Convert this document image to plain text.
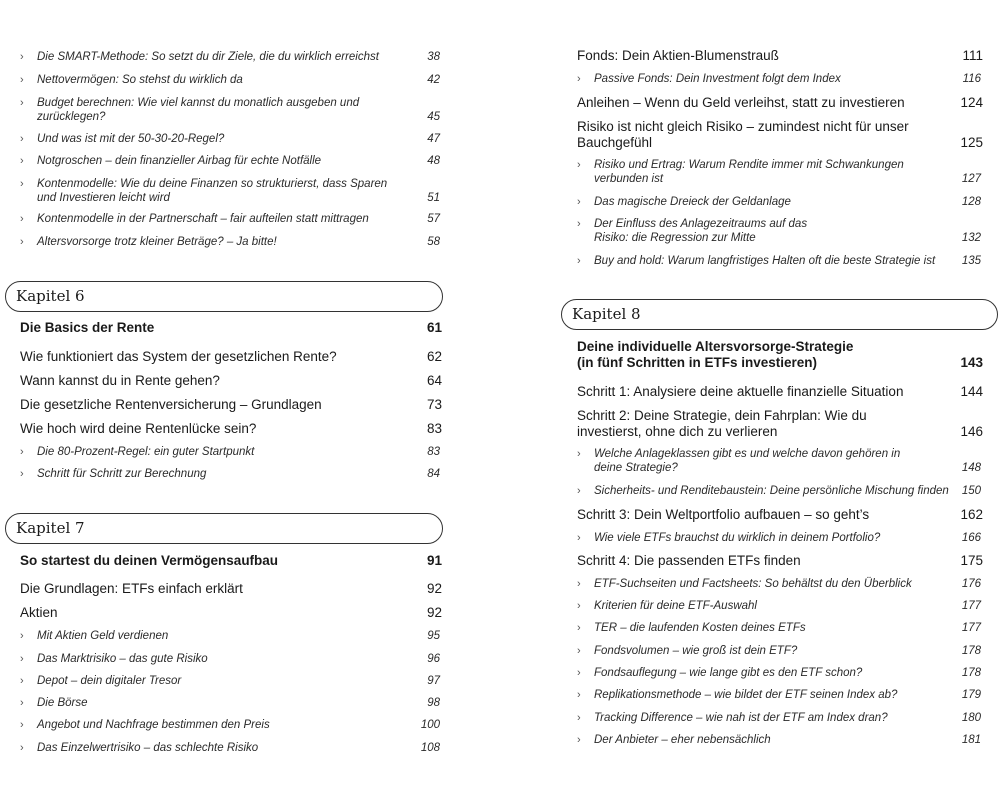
› Die SMART-Methode: So setzt du dir Ziele, die du wirklich erreichst	38
› Nettovermögen: So stehst du wirklich da	42
› Budget berechnen: Wie viel kannst du monatlich ausgeben und zurücklegen?	45
› Und was ist mit der 50-30-20-Regel?	47
› Notgroschen – dein finanzieller Airbag für echte Notfälle	48
› Kontenmodelle: Wie du deine Finanzen so strukturierst, dass Sparen und Investieren leicht wird	51
› Kontenmodelle in der Partnerschaft – fair aufteilen statt mittragen	57
› Altersvorsorge trotz kleiner Beträge? – Ja bitte!	58
Die Basics der Rente	61
Wie funktioniert das System der gesetzlichen Rente?	62
Wann kannst du in Rente gehen?	64
Die gesetzliche Rentenversicherung – Grundlagen	73
Wie hoch wird deine Rentenlücke sein?	83
› Die 80-Prozent-Regel: ein guter Startpunkt	83
› Schritt für Schritt zur Berechnung	84
So startest du deinen Vermögensaufbau	91
Die Grundlagen: ETFs einfach erklärt	92
Aktien	92
› Mit Aktien Geld verdienen	95
› Das Marktrisiko – das gute Risiko	96
› Depot – dein digitaler Tresor	97
› Die Börse	98
› Angebot und Nachfrage bestimmen den Preis	100
› Das Einzelwertrisiko – das schlechte Risiko	108
Kapitel 6
Kapitel 7
Fonds: Dein Aktien-Blumenstrauß	111
› Passive Fonds: Dein Investment folgt dem Index	116
Anleihen – Wenn du Geld verleihst, statt zu investieren	124
Risiko ist nicht gleich Risiko – zumindest nicht für unser Bauchgefühl	125
› Risiko und Ertrag: Warum Rendite immer mit Schwankungen verbunden ist	127
› Das magische Dreieck der Geldanlage	128
› Der Einfluss des Anlagezeitraums auf das Risiko: die Regression zur Mitte	132
› Buy and hold: Warum langfristiges Halten oft die beste Strategie ist	135
Deine individuelle Altersvorsorge-Strategie (in fünf Schritten in ETFs investieren)	143
Schritt 1: Analysiere deine aktuelle finanzielle Situation	144
Schritt 2: Deine Strategie, dein Fahrplan: Wie du investierst, ohne dich zu verlieren	146
› Welche Anlageklassen gibt es und welche davon gehören in deine Strategie?	148
› Sicherheits- und Renditebaustein: Deine persönliche Mischung finden	150
Schritt 3: Dein Weltportfolio aufbauen – so geht’s	162
› Wie viele ETFs brauchst du wirklich in deinem Portfolio?	166
Schritt 4: Die passenden ETFs finden	175
› ETF-Suchseiten und Factsheets: So behältst du den Überblick	176
› Kriterien für deine ETF-Auswahl	177
› TER – die laufenden Kosten deines ETFs	177
› Fondsvolumen – wie groß ist dein ETF?	178
› Fondsauflegung – wie lange gibt es den ETF schon?	178
› Replikationsmethode – wie bildet der ETF seinen Index ab?	179
› Tracking Difference – wie nah ist der ETF am Index dran?	180
› Der Anbieter – eher nebensächlich	181
Kapitel 8
